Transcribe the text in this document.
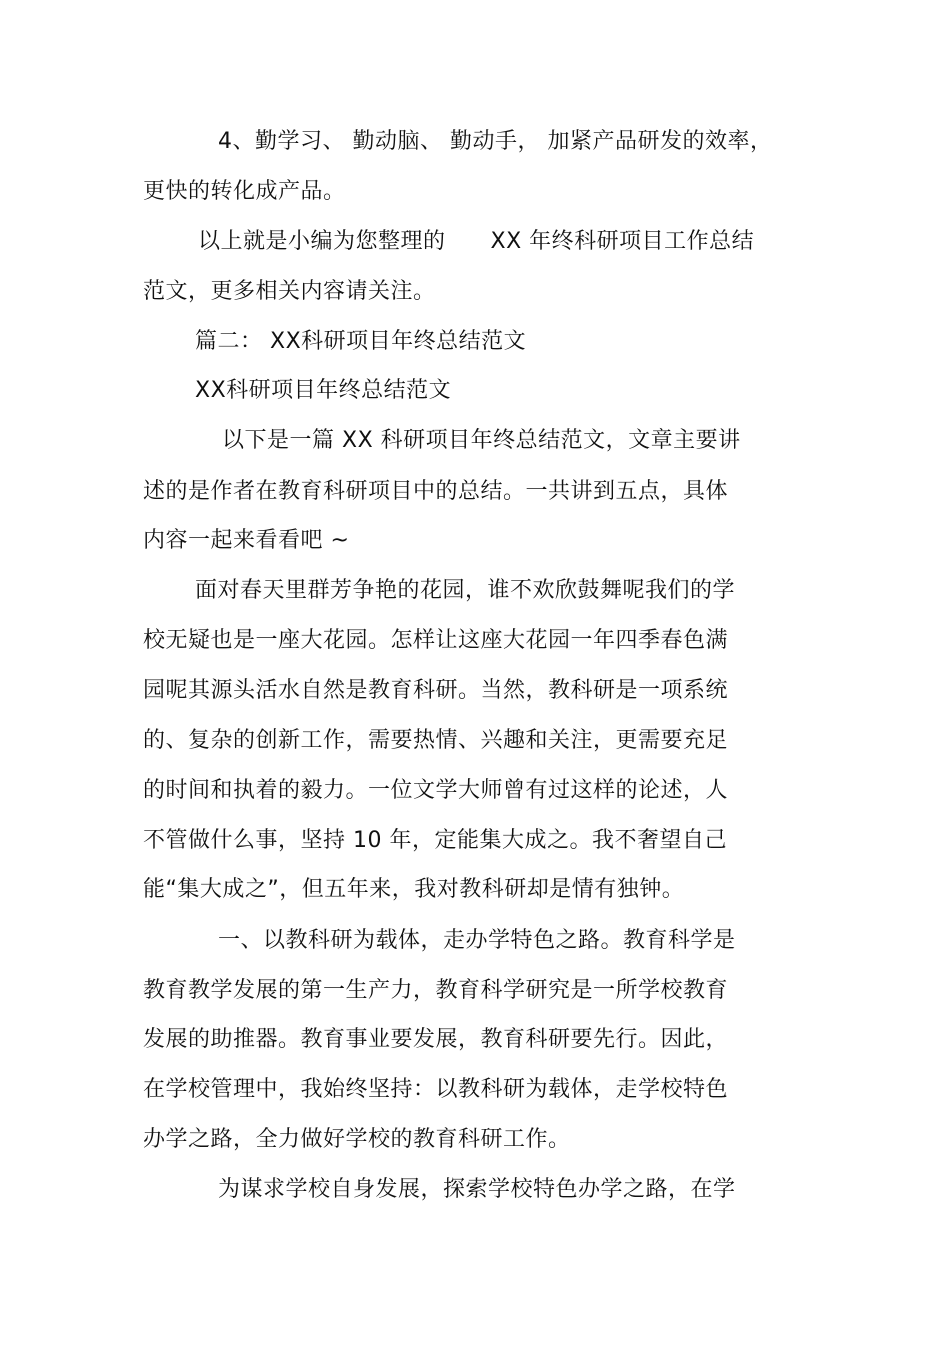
4、勤学习、 勤动脑、 勤动手， 加紧产品研发的效率，
更快的转化成产品。
以上就是小编为您整理的　　XX 年终科研项目工作总结
范文，更多相关内容请关注。
篇二： XX科研项目年终总结范文
XX科研项目年终总结范文
以下是一篇 XX 科研项目年终总结范文，文章主要讲
述的是作者在教育科研项目中的总结。一共讲到五点，具体
内容一起来看看吧 ~
面对春天里群芳争艳的花园，谁不欢欣鼓舞呢我们的学
校无疑也是一座大花园。怎样让这座大花园一年四季春色满
园呢其源头活水自然是教育科研。当然，教科研是一项系统
的、复杂的创新工作，需要热情、兴趣和关注，更需要充足
的时间和执着的毅力。一位文学大师曾有过这样的论述，人
不管做什么事，坚持 10 年，定能集大成之。我不奢望自己
能“集大成之”，但五年来，我对教科研却是情有独钟。
一、以教科研为载体，走办学特色之路。教育科学是
教育教学发展的第一生产力，教育科学研究是一所学校教育
发展的助推器。教育事业要发展，教育科研要先行。因此，
在学校管理中，我始终坚持：以教科研为载体，走学校特色
办学之路，全力做好学校的教育科研工作。
为谋求学校自身发展，探索学校特色办学之路，在学
